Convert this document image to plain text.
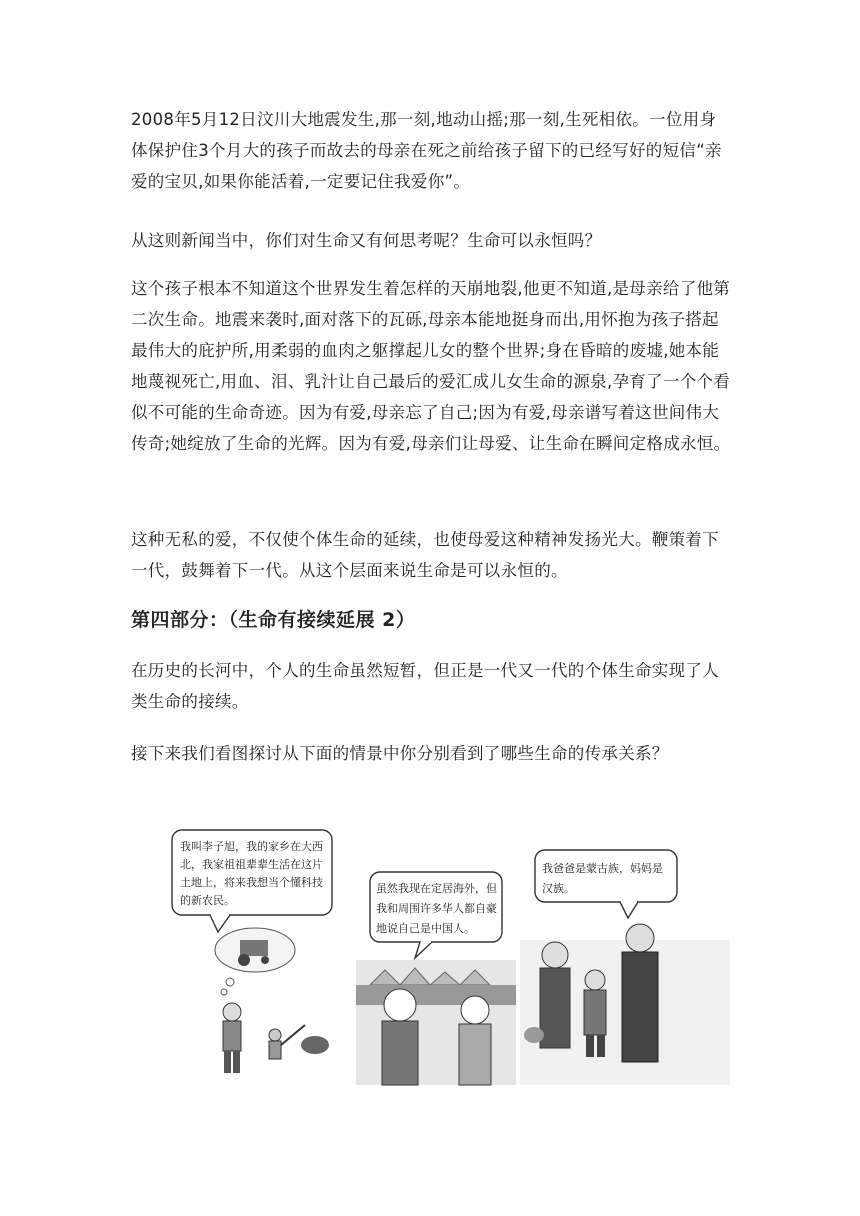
2008年5月12日汶川大地震发生,那一刻,地动山摇;那一刻,生死相依。一位用身体保护住3个月大的孩子而故去的母亲在死之前给孩子留下的已经写好的短信“亲爱的宝贝,如果你能活着,一定要记住我爱你”。

从这则新闻当中，你们对生命又有何思考呢？生命可以永恒吗？

这个孩子根本不知道这个世界发生着怎样的天崩地裂,他更不知道,是母亲给了他第二次生命。地震来袭时,面对落下的瓦砾,母亲本能地挺身而出,用怀抱为孩子搭起最伟大的庇护所,用柔弱的血肉之躯撑起儿女的整个世界;身在昏暗的废墟,她本能地蔑视死亡,用血、泪、乳汁让自己最后的爱汇成儿女生命的源泉,孕育了一个个看似不可能的生命奇迹。因为有爱,母亲忘了自己;因为有爱,母亲谱写着这世间伟大传奇;她绽放了生命的光辉。因为有爱,母亲们让母爱、让生命在瞬间定格成永恒。

这种无私的爱，不仅使个体生命的延续，也使母爱这种精神发扬光大。鞭策着下一代，鼓舞着下一代。从这个层面来说生命是可以永恒的。

第四部分：（生命有接续延展 2）

在历史的长河中，个人的生命虽然短暂，但正是一代又一代的个体生命实现了人类生命的接续。

接下来我们看图探讨从下面的情景中你分别看到了哪些生命的传承关系？

我叫李子旭，我的家乡在大西
北，我家祖祖辈辈生活在这片
土地上，将来我想当个懂科技
的新农民。
虽然我现在定居海外，但
我和周围许多华人都自豪
地说自己是中国人。
我爸爸是蒙古族，妈妈是
汉族。
